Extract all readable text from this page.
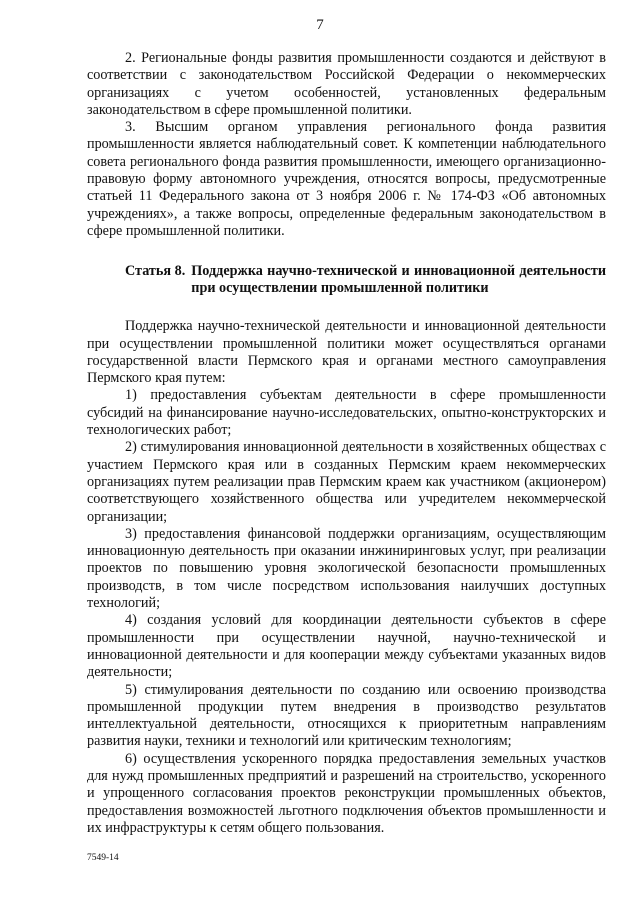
7

2. Региональные фонды развития промышленности создаются и действуют в соответствии с законодательством Российской Федерации о некоммерческих организациях с учетом особенностей, установленных федеральным законодательством в сфере промышленной политики.

3. Высшим органом управления регионального фонда развития промышленности является наблюдательный совет. К компетенции наблюдательного совета регионального фонда развития промышленности, имеющего организационно-правовую форму автономного учреждения, относятся вопросы, предусмотренные статьей 11 Федерального закона от 3 ноября 2006 г. № 174-ФЗ «Об автономных учреждениях», а также вопросы, определенные федеральным законодательством в сфере промышленной политики.

Статья 8. Поддержка научно-технической и инновационной деятельности при осуществлении промышленной политики

Поддержка научно-технической деятельности и инновационной деятельности при осуществлении промышленной политики может осуществляться органами государственной власти Пермского края и органами местного самоуправления Пермского края путем:

1) предоставления субъектам деятельности в сфере промышленности субсидий на финансирование научно-исследовательских, опытно-конструкторских и технологических работ;

2) стимулирования инновационной деятельности в хозяйственных обществах с участием Пермского края или в созданных Пермским краем некоммерческих организациях путем реализации прав Пермским краем как участником (акционером) соответствующего хозяйственного общества или учредителем некоммерческой организации;

3) предоставления финансовой поддержки организациям, осуществляющим инновационную деятельность при оказании инжиниринговых услуг, при реализации проектов по повышению уровня экологической безопасности промышленных производств, в том числе посредством использования наилучших доступных технологий;

4) создания условий для координации деятельности субъектов в сфере промышленности при осуществлении научной, научно-технической и инновационной деятельности и для кооперации между субъектами указанных видов деятельности;

5) стимулирования деятельности по созданию или освоению производства промышленной продукции путем внедрения в производство результатов интеллектуальной деятельности, относящихся к приоритетным направлениям развития науки, техники и технологий или критическим технологиям;

6) осуществления ускоренного порядка предоставления земельных участков для нужд промышленных предприятий и разрешений на строительство, ускоренного и упрощенного согласования проектов реконструкции промышленных объектов, предоставления возможностей льготного подключения объектов промышленности и их инфраструктуры к сетям общего пользования.

7549-14
